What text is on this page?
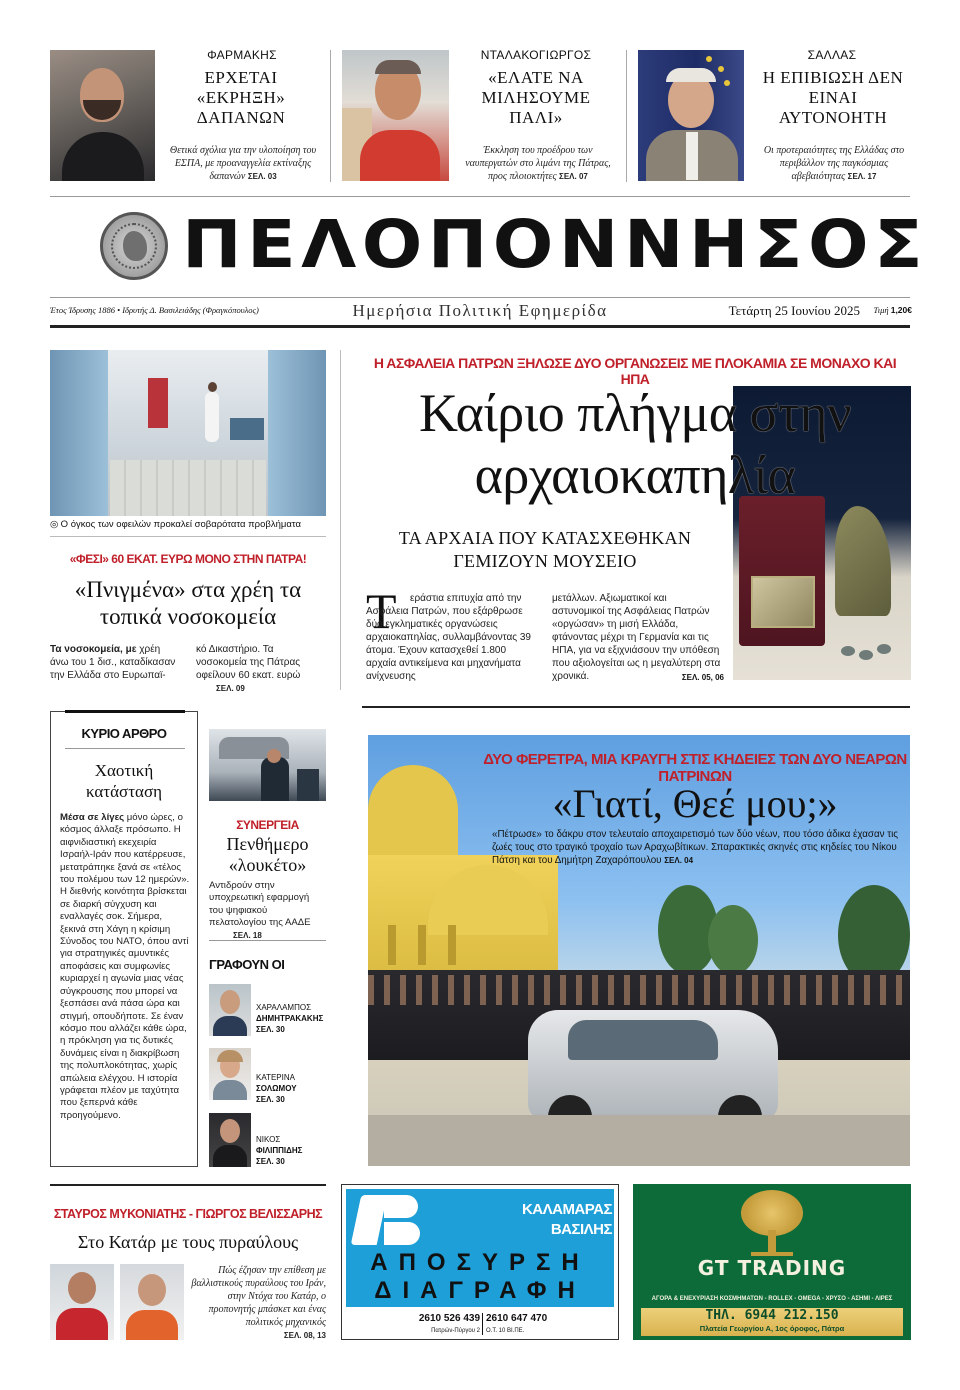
ΦΑΡΜΑΚΗΣ
ΕΡΧΕΤΑΙ «ΕΚΡΗΞΗ» ΔΑΠΑΝΩΝ
Θετικά σχόλια για την υλοποίηση του ΕΣΠΑ, με προαναγγελία εκτίναξης δαπανών ΣΕΛ. 03
ΝΤΑΛΑΚΟΓΙΩΡΓΟΣ
«ΕΛΑΤΕ ΝΑ ΜΙΛΗΣΟΥΜΕ ΠΑΛΙ»
Έκκληση του προέδρου των ναυπεργατών στο λιμάνι της Πάτρας, προς πλοιοκτήτες ΣΕΛ. 07
ΣΑΛΛΑΣ
Η ΕΠΙΒΙΩΣΗ ΔΕΝ ΕΙΝΑΙ ΑΥΤΟΝΟΗΤΗ
Οι προτεραιότητες της Ελλάδας στο περιβάλλον της παγκόσμιας αβεβαιότητας ΣΕΛ. 17
ΠΕΛΟΠΟΝΝΗΣΟΣ
Έτος Ίδρυσης 1886 • Ιδρυτής Δ. Βασιλειάδης (Φραγκόπουλος)	Ημερήσια Πολιτική Εφημερίδα	Τετάρτη 25 Ιουνίου 2025	Τιμή 1,20€
◎ Ο όγκος των οφειλών προκαλεί σοβαρότατα προβλήματα
«ΦΕΣΙ» 60 ΕΚΑΤ. ΕΥΡΩ ΜΟΝΟ ΣΤΗΝ ΠΑΤΡΑ!
«Πνιγμένα» στα χρέη τα τοπικά νοσοκομεία
Τα νοσοκομεία, με χρέη άνω του 1 δισ., καταδίκασαν την Ελλάδα στο Ευρωπαϊ-
κό Δικαστήριο. Τα νοσοκομεία της Πάτρας οφείλουν 60 εκατ. ευρώ ΣΕΛ. 09
Η ΑΣΦΑΛΕΙΑ ΠΑΤΡΩΝ ΞΗΛΩΣΕ ΔΥΟ ΟΡΓΑΝΩΣΕΙΣ ΜΕ ΠΛΟΚΑΜΙΑ ΣΕ ΜΟΝΑΧΟ ΚΑΙ ΗΠΑ
Καίριο πλήγμα στην
αρχαιοκαπηλία
ΤΑ ΑΡΧΑΙΑ ΠΟΥ ΚΑΤΑΣΧΕΘΗΚΑΝ ΓΕΜΙΖΟΥΝ ΜΟΥΣΕΙΟ
Τ	εράστια επιτυχία από την Ασφάλεια Πατρών, που εξάρθρωσε δύο εγκληματικές οργανώσεις αρχαιοκαπηλίας, συλλαμβάνοντας 39 άτομα. Έχουν κατασχεθεί 1.800 αρχαία αντικείμενα και μηχανήματα ανίχνευσης
μετάλλων. Αξιωματικοί και αστυνομικοί της Ασφάλειας Πατρών «οργώσαν» τη μισή Ελλάδα, φτάνοντας μέχρι τη Γερμανία και τις ΗΠΑ, για να εξιχνιάσουν την υπόθεση που αξιολογείται ως η μεγαλύτερη στα χρονικά.	ΣΕΛ. 05, 06
ΚΥΡΙΟ ΑΡΘΡΟ
Χαοτική κατάσταση
Μέσα σε λίγες μόνο ώρες, ο κόσμος άλλαξε πρόσωπο. Η αιφνιδιαστική εκεχειρία Ισραήλ-Ιράν που κατέρρευσε, μετατράπηκε ξανά σε «τέλος του πολέμου των 12 ημερών». Η διεθνής κοινότητα βρίσκεται σε διαρκή σύγχυση και εναλλαγές σοκ. Σήμερα, ξεκινά στη Χάγη η κρίσιμη Σύνοδος του ΝΑΤΟ, όπου αντί για στρατηγικές αμυντικές αποφάσεις και συμφωνίες κυριαρχεί η αγωνία μιας νέας σύγκρουσης που μπορεί να ξεσπάσει ανά πάσα ώρα και στιγμή, οπουδήποτε. Σε έναν κόσμο που αλλάζει κάθε ώρα, η πρόκληση για τις δυτικές δυνάμεις είναι η διακρίβωση της πολυπλοκότητας, χωρίς απώλεια ελέγχου. Η ιστορία γράφεται πλέον με ταχύτητα που ξεπερνά κάθε προηγούμενο.
ΣΥΝΕΡΓΕΙΑ
Πενθήμερο «λουκέτο»
Αντιδρούν στην υποχρεωτική εφαρμογή του ψηφιακού πελατολογίου της ΑΑΔΕ ΣΕΛ. 18
ΓΡΑΦΟΥΝ ΟΙ
ΧΑΡΑΛΑΜΠΟΣ
ΔΗΜΗΤΡΑΚΑΚΗΣ
ΣΕΛ. 30
ΚΑΤΕΡΙΝΑ
ΣΟΛΩΜΟΥ
ΣΕΛ. 30
ΝΙΚΟΣ
ΦΙΛΙΠΠΙΔΗΣ
ΣΕΛ. 30
ΔΥΟ ΦΕΡΕΤΡΑ, ΜΙΑ ΚΡΑΥΓΗ ΣΤΙΣ ΚΗΔΕΙΕΣ ΤΩΝ ΔΥΟ ΝΕΑΡΩΝ ΠΑΤΡΙΝΩΝ
«Γιατί, Θεέ μου;»
«Πέτρωσε» το δάκρυ στον τελευταίο αποχαιρετισμό των δύο νέων, που τόσο άδικα έχασαν τις ζωές τους στο τραγικό τροχαίο των Αραχωβίτικων. Σπαρακτικές σκηνές στις κηδείες του Νίκου Πάτση και του Δημήτρη Ζαχαρόπουλου ΣΕΛ. 04
ΣΤΑΥΡΟΣ ΜΥΚΟΝΙΑΤΗΣ - ΓΙΩΡΓΟΣ ΒΕΛΙΣΣΑΡΗΣ
Στο Κατάρ με τους πυραύλους
Πώς έζησαν την επίθεση με βαλλιστικούς πυραύλους του Ιράν, στην Ντόχα του Κατάρ, ο προπονητής μπάσκετ και ένας πολιτικός μηχανικός
ΣΕΛ. 08, 13
ΚΑΛΑΜΑΡΑΣ
ΒΑΣΙΛΗΣ
ΑΠΟΣΥΡΣΗ
ΔΙΑΓΡΑΦΗ
2610 526 439
Πατρών-Πύργου 2
2610 647 470
Ο.Τ. 10 ΒΙ.ΠΕ.
GT TRADING
ΑΓΟΡΑ & ΕΝΕΧΥΡΙΑΣΗ ΚΟΣΜΗΜΑΤΩΝ - ROLLEX - OMEGA - ΧΡΥΣΟ - ΑΣΗΜΙ - ΛΙΡΕΣ
ΤΗΛ. 6944 212.150
Πλατεία Γεωργίου Α, 1ος όροφος, Πάτρα
